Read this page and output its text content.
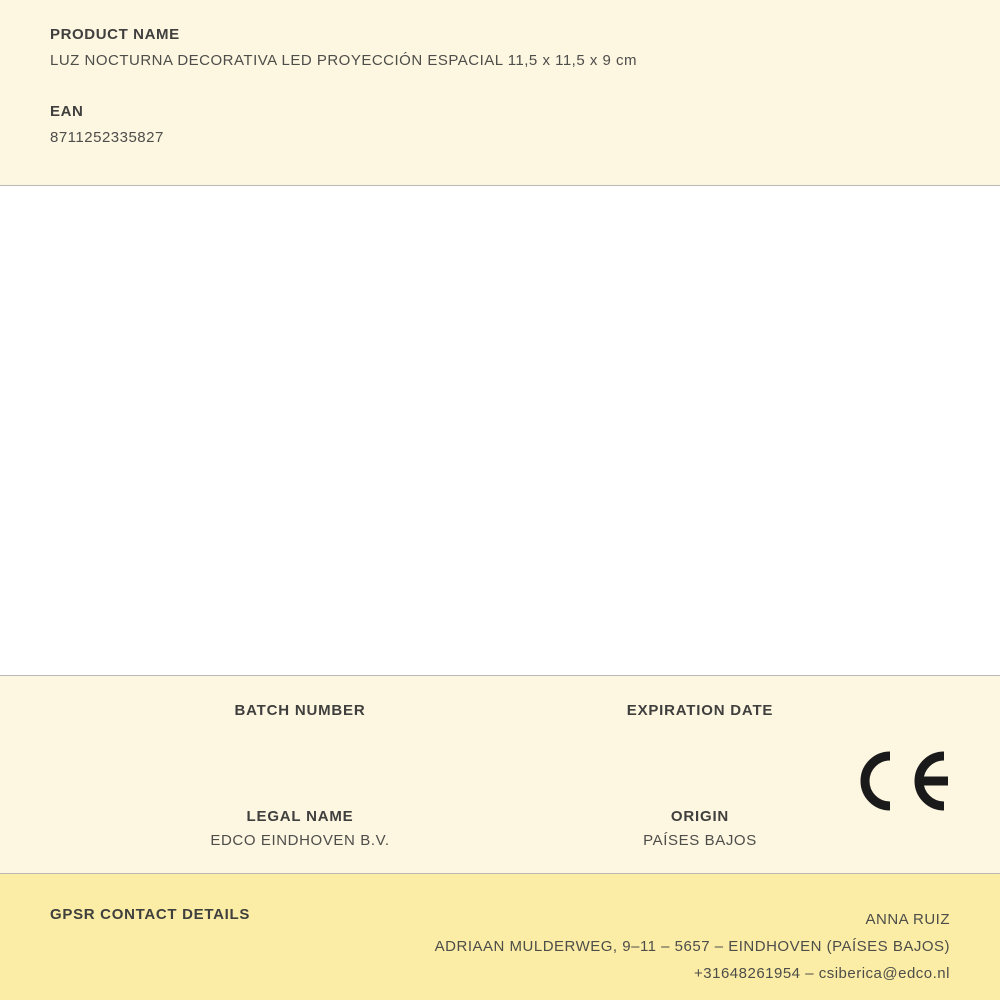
PRODUCT NAME

LUZ NOCTURNA DECORATIVA LED PROYECCIÓN ESPACIAL 11,5 x 11,5 x 9 cm

EAN

8711252335827

BATCH NUMBER	EXPIRATION DATE

LEGAL NAME

EDCO EINDHOVEN B.V.

ORIGIN

PAÍSES BAJOS

GPSR CONTACT DETAILS	ANNA RUIZ
ADRIAAN MULDERWEG, 9–11 – 5657 – EINDHOVEN (PAÍSES BAJOS)
+31648261954 – csiberica@edco.nl
